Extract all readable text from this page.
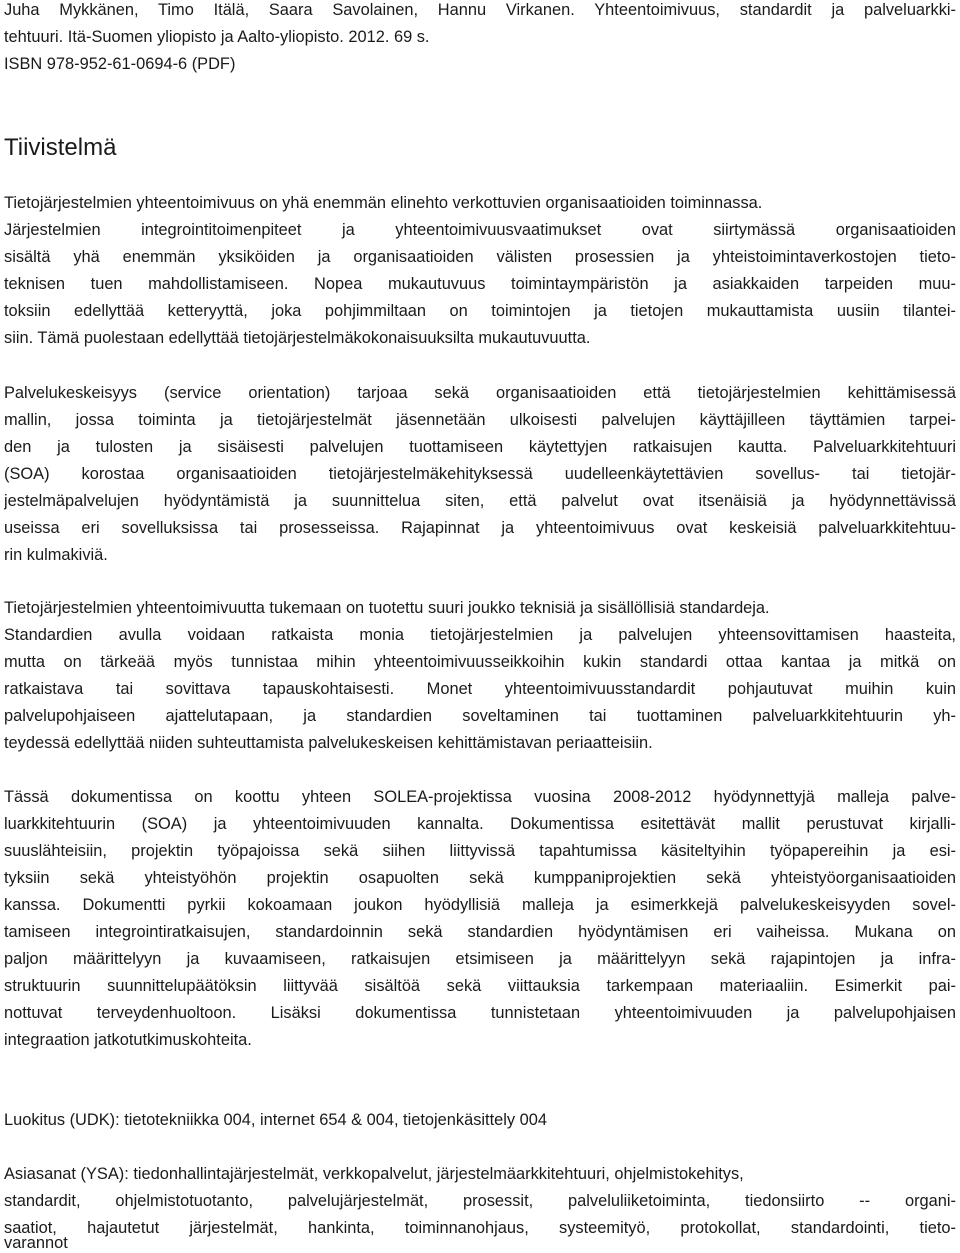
Juha Mykkänen, Timo Itälä, Saara Savolainen, Hannu Virkanen. Yhteentoimivuus, standardit ja palveluarkki-
tehtuuri. Itä-Suomen yliopisto ja Aalto-yliopisto. 2012. 69 s.
ISBN 978-952-61-0694-6 (PDF)
Tiivistelmä
Tietojärjestelmien yhteentoimivuus on yhä enemmän elinehto verkottuvien organisaatioiden toiminnassa.
Järjestelmien integrointitoimenpiteet ja yhteentoimivuusvaatimukset ovat siirtymässä organisaatioiden
sisältä yhä enemmän yksiköiden ja organisaatioiden välisten prosessien ja yhteistoimintaverkostojen tieto-
teknisen tuen mahdollistamiseen. Nopea mukautuvuus toimintaympäristön ja asiakkaiden tarpeiden muu-
toksiin edellyttää ketteryyttä, joka pohjimmiltaan on toimintojen ja tietojen mukauttamista uusiin tilantei-
siin. Tämä puolestaan edellyttää tietojärjestelmäkokonaisuuksilta mukautuvuutta.
Palvelukeskeisyys (service orientation) tarjoaa sekä organisaatioiden että tietojärjestelmien kehittämisessä
mallin, jossa toiminta ja tietojärjestelmät jäsennetään ulkoisesti palvelujen käyttäjilleen täyttämien tarpei-
den ja tulosten ja sisäisesti palvelujen tuottamiseen käytettyjen ratkaisujen kautta. Palveluarkkitehtuuri
(SOA) korostaa organisaatioiden tietojärjestelmäkehityksessä uudelleenkäytettävien sovellus- tai tietojär-
jestelmäpalvelujen hyödyntämistä ja suunnittelua siten, että palvelut ovat itsenäisiä ja hyödynnettävissä
useissa eri sovelluksissa tai prosesseissa. Rajapinnat ja yhteentoimivuus ovat keskeisiä palveluarkkitehtuu-
rin kulmakiviä.
Tietojärjestelmien yhteentoimivuutta tukemaan on tuotettu suuri joukko teknisiä ja sisällöllisiä standardeja.
Standardien avulla voidaan ratkaista monia tietojärjestelmien ja palvelujen yhteensovittamisen haasteita,
mutta on tärkeää myös tunnistaa mihin yhteentoimivuusseikkoihin kukin standardi ottaa kantaa ja mitkä on
ratkaistava tai sovittava tapauskohtaisesti. Monet yhteentoimivuusstandardit pohjautuvat muihin kuin
palvelupohjaiseen ajattelutapaan, ja standardien soveltaminen tai tuottaminen palveluarkkitehtuurin yh-
teydessä edellyttää niiden suhteuttamista palvelukeskeisen kehittämistavan periaatteisiin.
Tässä dokumentissa on koottu yhteen SOLEA-projektissa vuosina 2008-2012 hyödynnettyjä malleja palve-
luarkkitehtuurin (SOA) ja yhteentoimivuuden kannalta. Dokumentissa esitettävät mallit perustuvat kirjalli-
suuslähteisiin, projektin työpajoissa sekä siihen liittyvissä tapahtumissa käsiteltyihin työpapereihin ja esi-
tyksiin sekä yhteistyöhön projektin osapuolten sekä kumppaniprojektien sekä yhteistyöorganisaatioiden
kanssa. Dokumentti pyrkii kokoamaan joukon hyödyllisiä malleja ja esimerkkejä palvelukeskeisyyden sovel-
tamiseen integrointiratkaisujen, standardoinnin sekä standardien hyödyntämisen eri vaiheissa. Mukana on
paljon määrittelyyn ja kuvaamiseen, ratkaisujen etsimiseen ja määrittelyyn sekä rajapintojen ja infra-
struktuurin suunnittelupäätöksin liittyvää sisältöä sekä viittauksia tarkempaan materiaaliin. Esimerkit pai-
nottuvat terveydenhuoltoon. Lisäksi dokumentissa tunnistetaan yhteentoimivuuden ja palvelupohjaisen
integraation jatkotutkimuskohteita.
Luokitus (UDK): tietotekniikka 004, internet 654 & 004, tietojenkäsittely 004
Asiasanat (YSA): tiedonhallintajärjestelmät, verkkopalvelut, järjestelmäarkkitehtuuri, ohjelmistokehitys,
standardit, ohjelmistotuotanto, palvelujärjestelmät, prosessit, palveluliiketoiminta, tiedonsiirto -- organi-
saatiot, hajautetut järjestelmät, hankinta, toiminnanohjaus, systeemityö, protokollat, standardointi, tieto-
varannot
